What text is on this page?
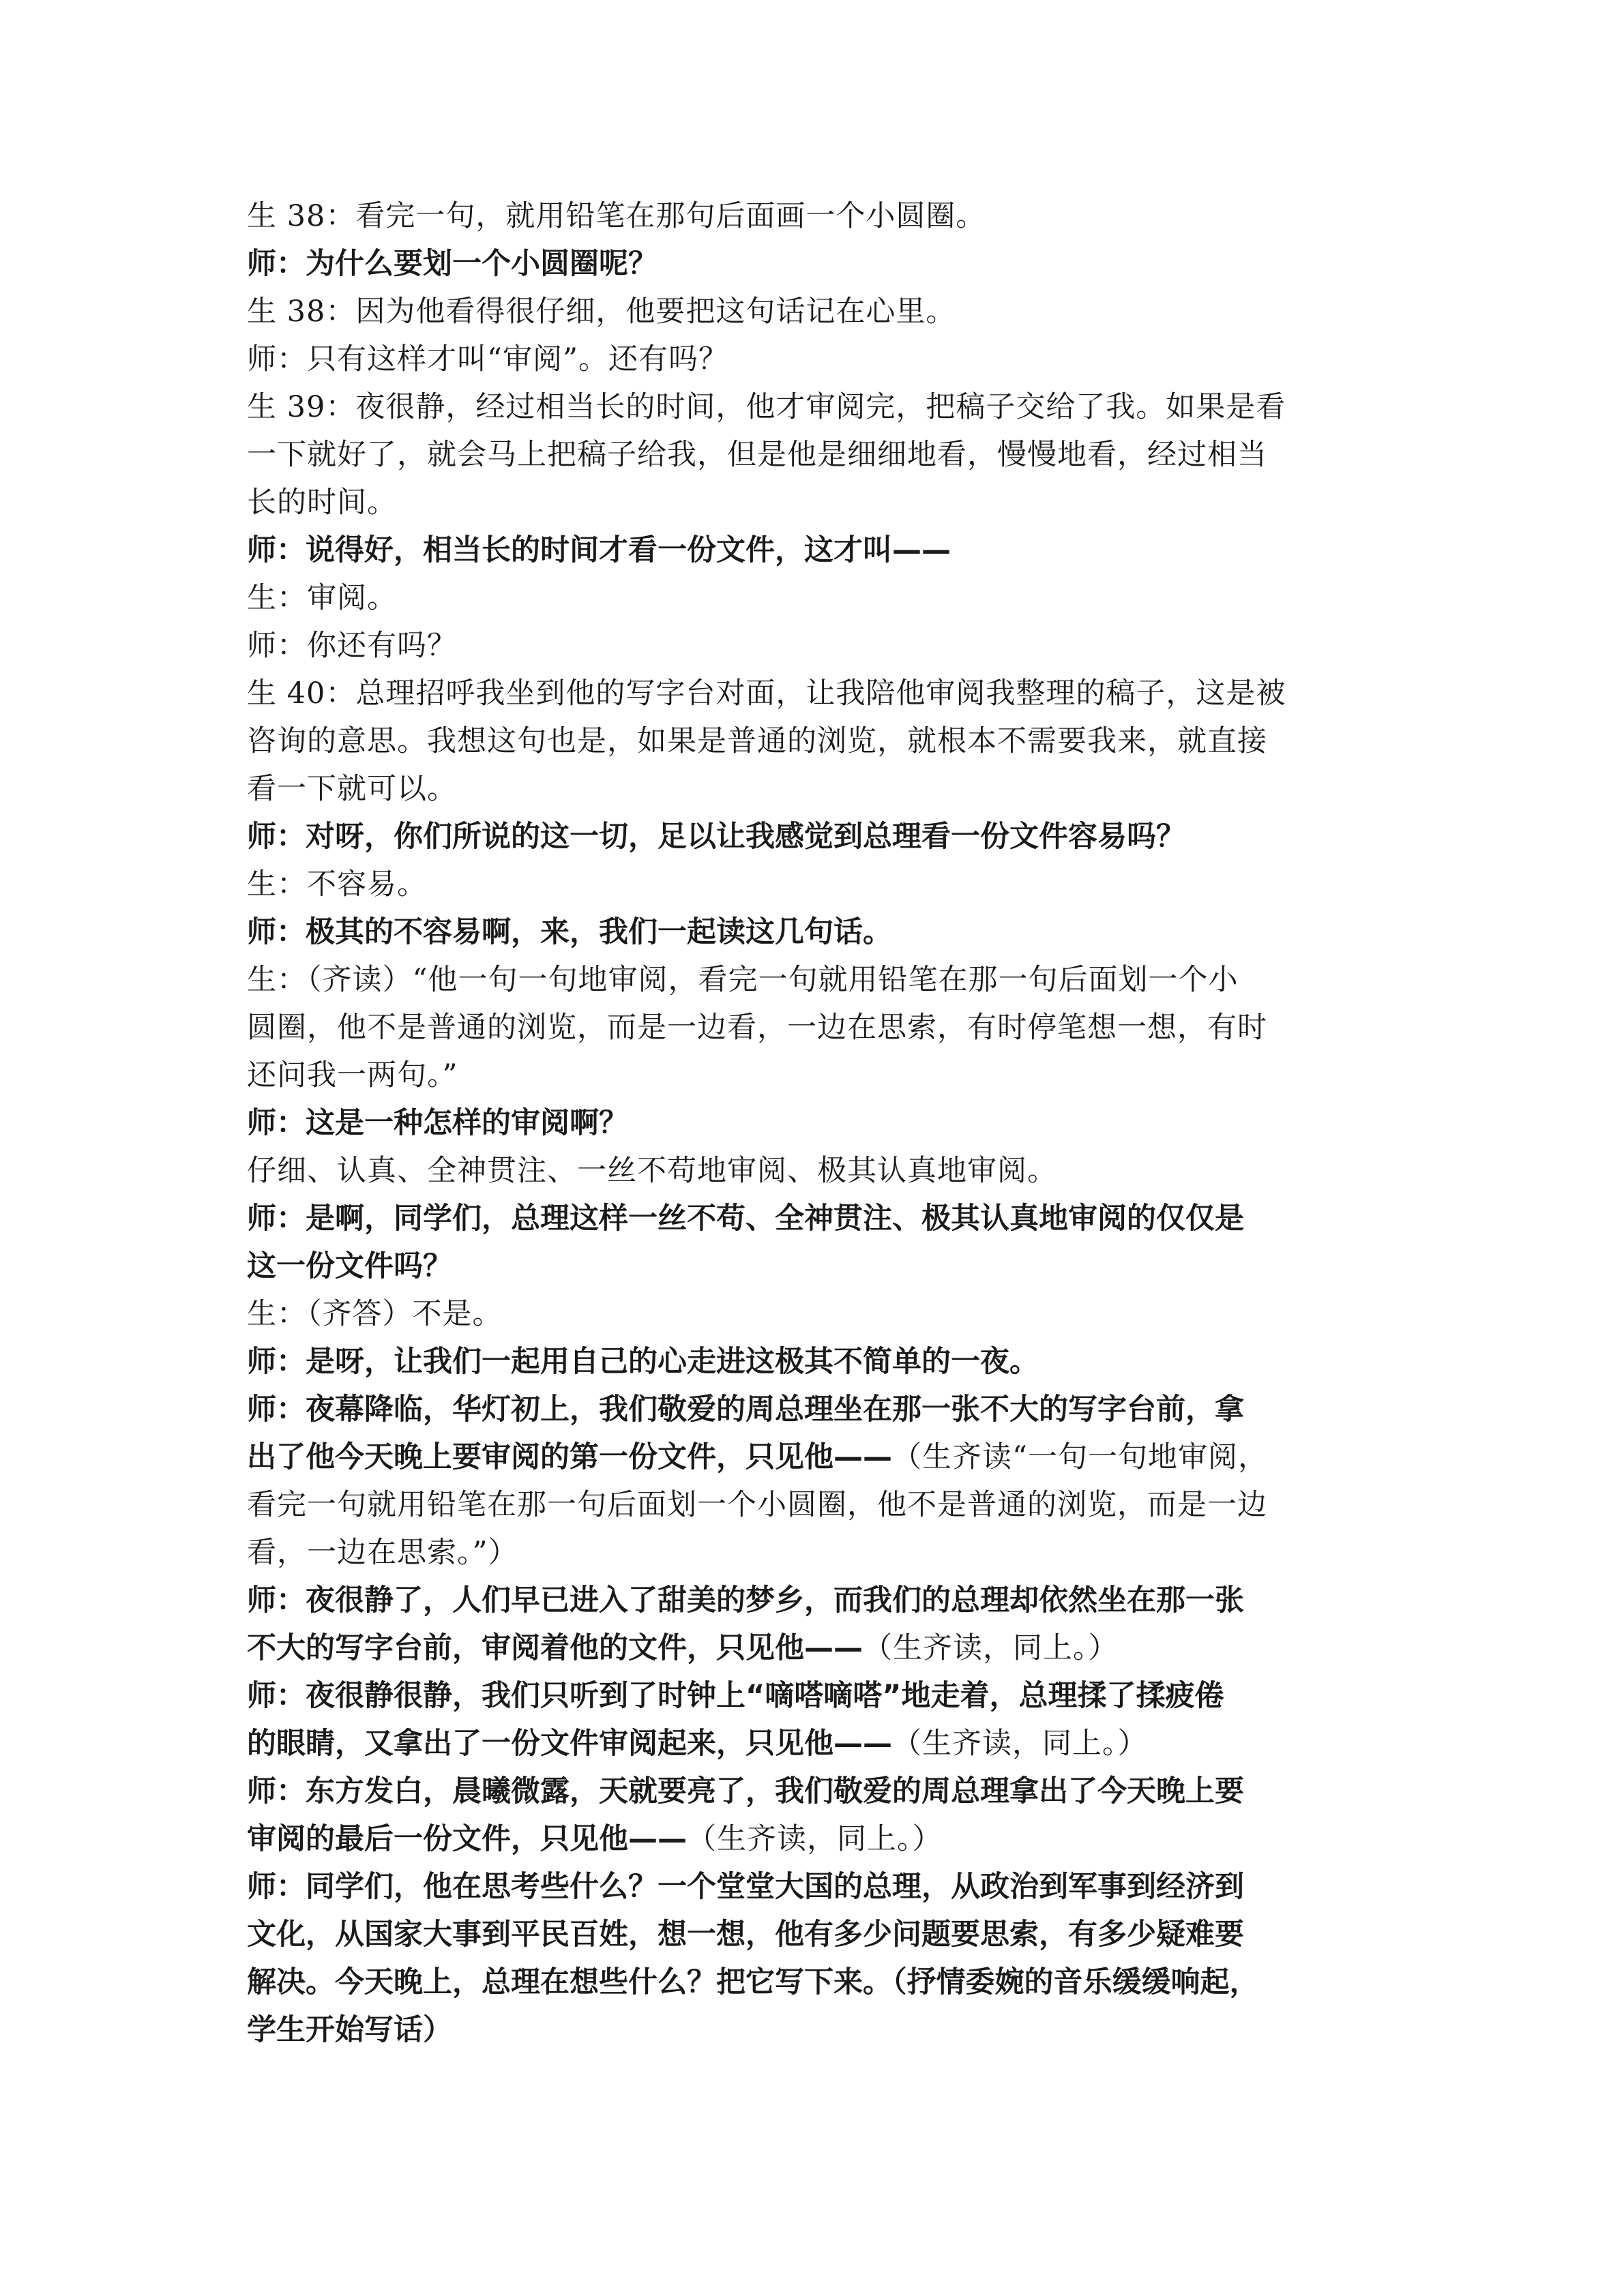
生 38：看完一句，就用铅笔在那句后面画一个小圆圈。
师：为什么要划一个小圆圈呢？
生 38：因为他看得很仔细，他要把这句话记在心里。
师：只有这样才叫“审阅”。还有吗？
生 39：夜很静，经过相当长的时间，他才审阅完，把稿子交给了我。如果是看
一下就好了，就会马上把稿子给我，但是他是细细地看，慢慢地看，经过相当
长的时间。
师：说得好，相当长的时间才看一份文件，这才叫——
生：审阅。
师：你还有吗？
生 40：总理招呼我坐到他的写字台对面，让我陪他审阅我整理的稿子，这是被
咨询的意思。我想这句也是，如果是普通的浏览，就根本不需要我来，就直接
看一下就可以。
师：对呀，你们所说的这一切，足以让我感觉到总理看一份文件容易吗？
生：不容易。
师：极其的不容易啊，来，我们一起读这几句话。
生：（齐读）“他一句一句地审阅，看完一句就用铅笔在那一句后面划一个小
圆圈，他不是普通的浏览，而是一边看，一边在思索，有时停笔想一想，有时
还问我一两句。”
师：这是一种怎样的审阅啊？
仔细、认真、全神贯注、一丝不苟地审阅、极其认真地审阅。
师：是啊，同学们，总理这样一丝不苟、全神贯注、极其认真地审阅的仅仅是
这一份文件吗？
生：（齐答）不是。
师：是呀，让我们一起用自己的心走进这极其不简单的一夜。
师：夜幕降临，华灯初上，我们敬爱的周总理坐在那一张不大的写字台前，拿
出了他今天晚上要审阅的第一份文件，只见他——（生齐读“一句一句地审阅，
看完一句就用铅笔在那一句后面划一个小圆圈，他不是普通的浏览，而是一边
看，一边在思索。”）
师：夜很静了，人们早已进入了甜美的梦乡，而我们的总理却依然坐在那一张
不大的写字台前，审阅着他的文件，只见他——（生齐读，同上。）
师：夜很静很静，我们只听到了时钟上“嘀嗒嘀嗒”地走着，总理揉了揉疲倦
的眼睛，又拿出了一份文件审阅起来，只见他——（生齐读，同上。）
师：东方发白，晨曦微露，天就要亮了，我们敬爱的周总理拿出了今天晚上要
审阅的最后一份文件，只见他——（生齐读，同上。）
师：同学们，他在思考些什么？一个堂堂大国的总理，从政治到军事到经济到
文化，从国家大事到平民百姓，想一想，他有多少问题要思索，有多少疑难要
解决。今天晚上，总理在想些什么？把它写下来。（抒情委婉的音乐缓缓响起，
学生开始写话）
